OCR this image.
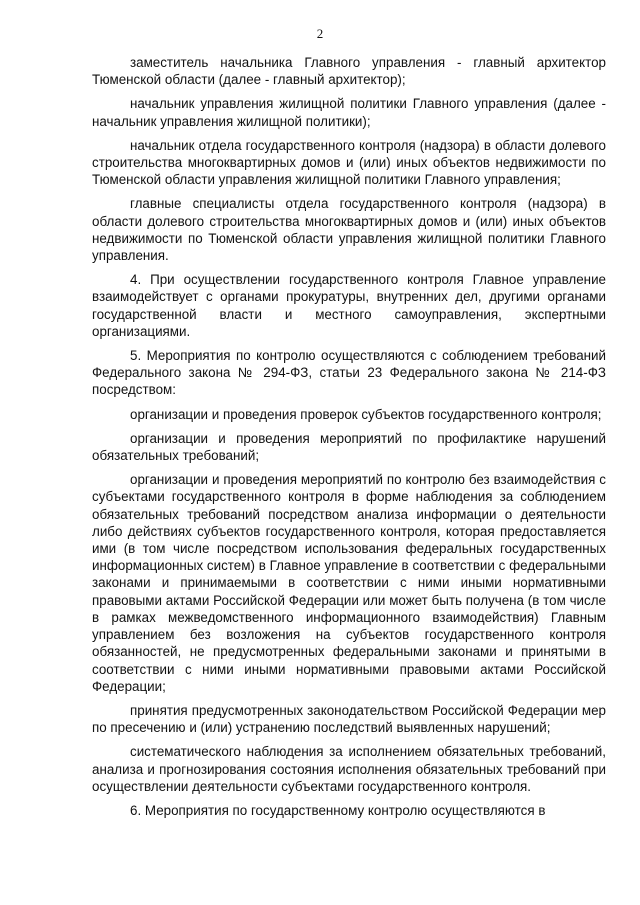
2

заместитель начальника Главного управления - главный архитектор Тюменской области (далее - главный архитектор);

начальник управления жилищной политики Главного управления (далее - начальник управления жилищной политики);

начальник отдела государственного контроля (надзора) в области долевого строительства многоквартирных домов и (или) иных объектов недвижимости по Тюменской области управления жилищной политики Главного управления;

главные специалисты отдела государственного контроля (надзора) в области долевого строительства многоквартирных домов и (или) иных объектов недвижимости по Тюменской области управления жилищной политики Главного управления.

4. При осуществлении государственного контроля Главное управление взаимодействует с органами прокуратуры, внутренних дел, другими органами государственной власти и местного самоуправления, экспертными организациями.

5. Мероприятия по контролю осуществляются с соблюдением требований Федерального закона № 294-ФЗ, статьи 23 Федерального закона № 214-ФЗ посредством:

организации и проведения проверок субъектов государственного контроля;

организации и проведения мероприятий по профилактике нарушений обязательных требований;

организации и проведения мероприятий по контролю без взаимодействия с субъектами государственного контроля в форме наблюдения за соблюдением обязательных требований посредством анализа информации о деятельности либо действиях субъектов государственного контроля, которая предоставляется ими (в том числе посредством использования федеральных государственных информационных систем) в Главное управление в соответствии с федеральными законами и принимаемыми в соответствии с ними иными нормативными правовыми актами Российской Федерации или может быть получена (в том числе в рамках межведомственного информационного взаимодействия) Главным управлением без возложения на субъектов государственного контроля обязанностей, не предусмотренных федеральными законами и принятыми в соответствии с ними иными нормативными правовыми актами Российской Федерации;

принятия предусмотренных законодательством Российской Федерации мер по пресечению и (или) устранению последствий выявленных нарушений;

систематического наблюдения за исполнением обязательных требований, анализа и прогнозирования состояния исполнения обязательных требований при осуществлении деятельности субъектами государственного контроля.

6. Мероприятия по государственному контролю осуществляются в
